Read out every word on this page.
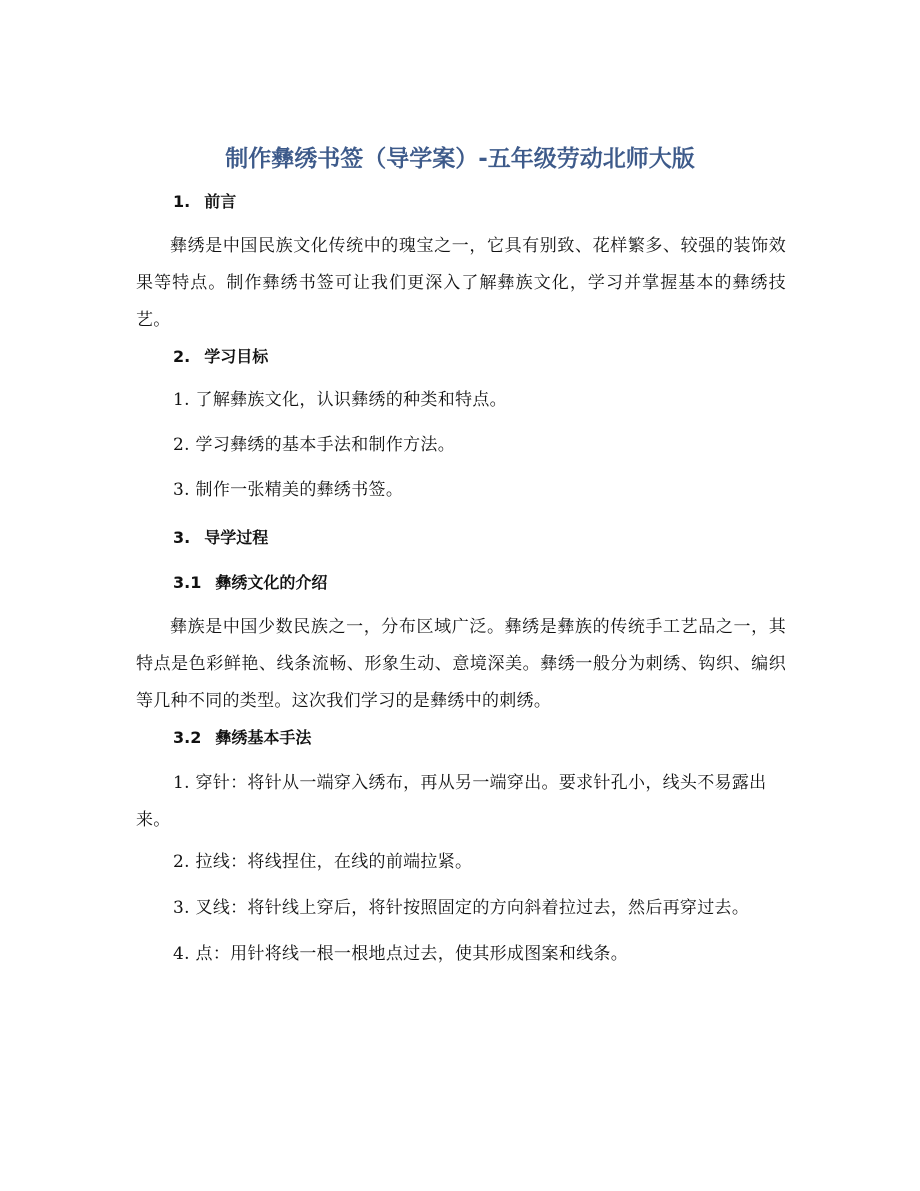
制作彝绣书签（导学案）-五年级劳动北师大版
1. 前言
彝绣是中国民族文化传统中的瑰宝之一，它具有别致、花样繁多、较强的装饰效果等特点。制作彝绣书签可让我们更深入了解彝族文化，学习并掌握基本的彝绣技艺。
2. 学习目标
1. 了解彝族文化，认识彝绣的种类和特点。
2. 学习彝绣的基本手法和制作方法。
3. 制作一张精美的彝绣书签。
3. 导学过程
3.1 彝绣文化的介绍
彝族是中国少数民族之一，分布区域广泛。彝绣是彝族的传统手工艺品之一，其特点是色彩鲜艳、线条流畅、形象生动、意境深美。彝绣一般分为刺绣、钩织、编织等几种不同的类型。这次我们学习的是彝绣中的刺绣。
3.2 彝绣基本手法
1. 穿针：将针从一端穿入绣布，再从另一端穿出。要求针孔小，线头不易露出来。
2. 拉线：将线捏住，在线的前端拉紧。
3. 叉线：将针线上穿后，将针按照固定的方向斜着拉过去，然后再穿过去。
4. 点：用针将线一根一根地点过去，使其形成图案和线条。
